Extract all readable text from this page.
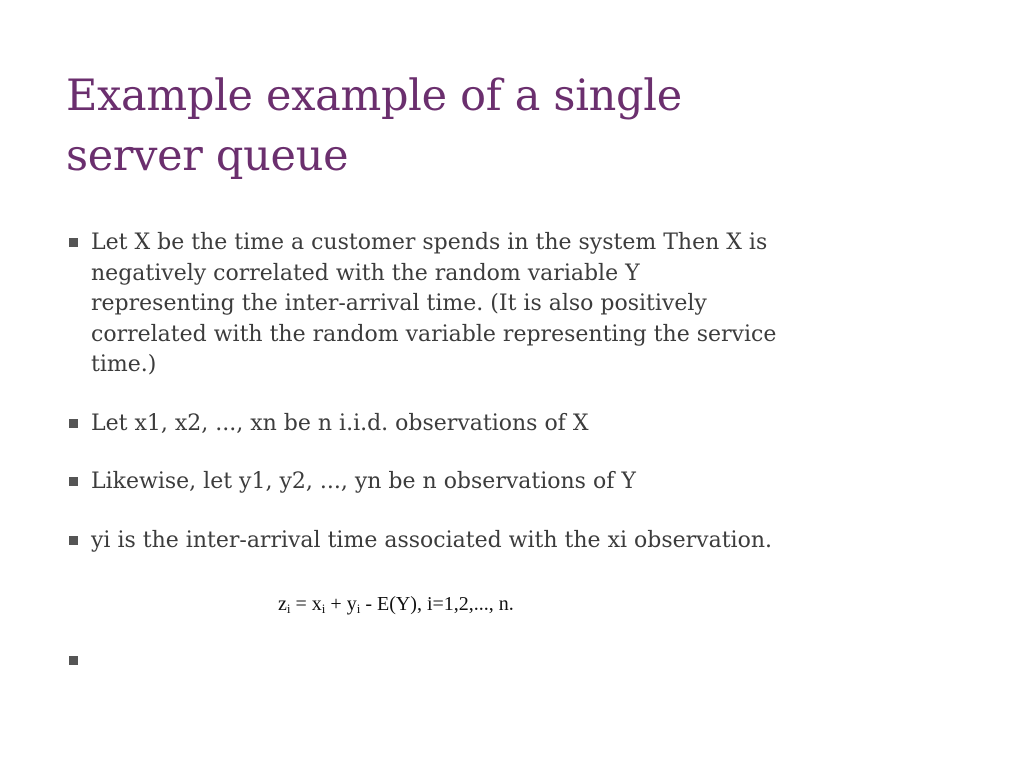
Example example of a single
server queue
Let X be the time a customer spends in the system Then X is
negatively correlated with the random variable Y
representing the inter-arrival time. (It is also positively
correlated with the random variable representing the service
time.)
Let x1, x2, ..., xn be n i.i.d. observations of X
Likewise, let y1, y2, ..., yn be n observations of Y
yi is the inter-arrival time associated with the xi observation.
$z_i = x_i + y_i - E(Y)$, i=1,2,..., n.
